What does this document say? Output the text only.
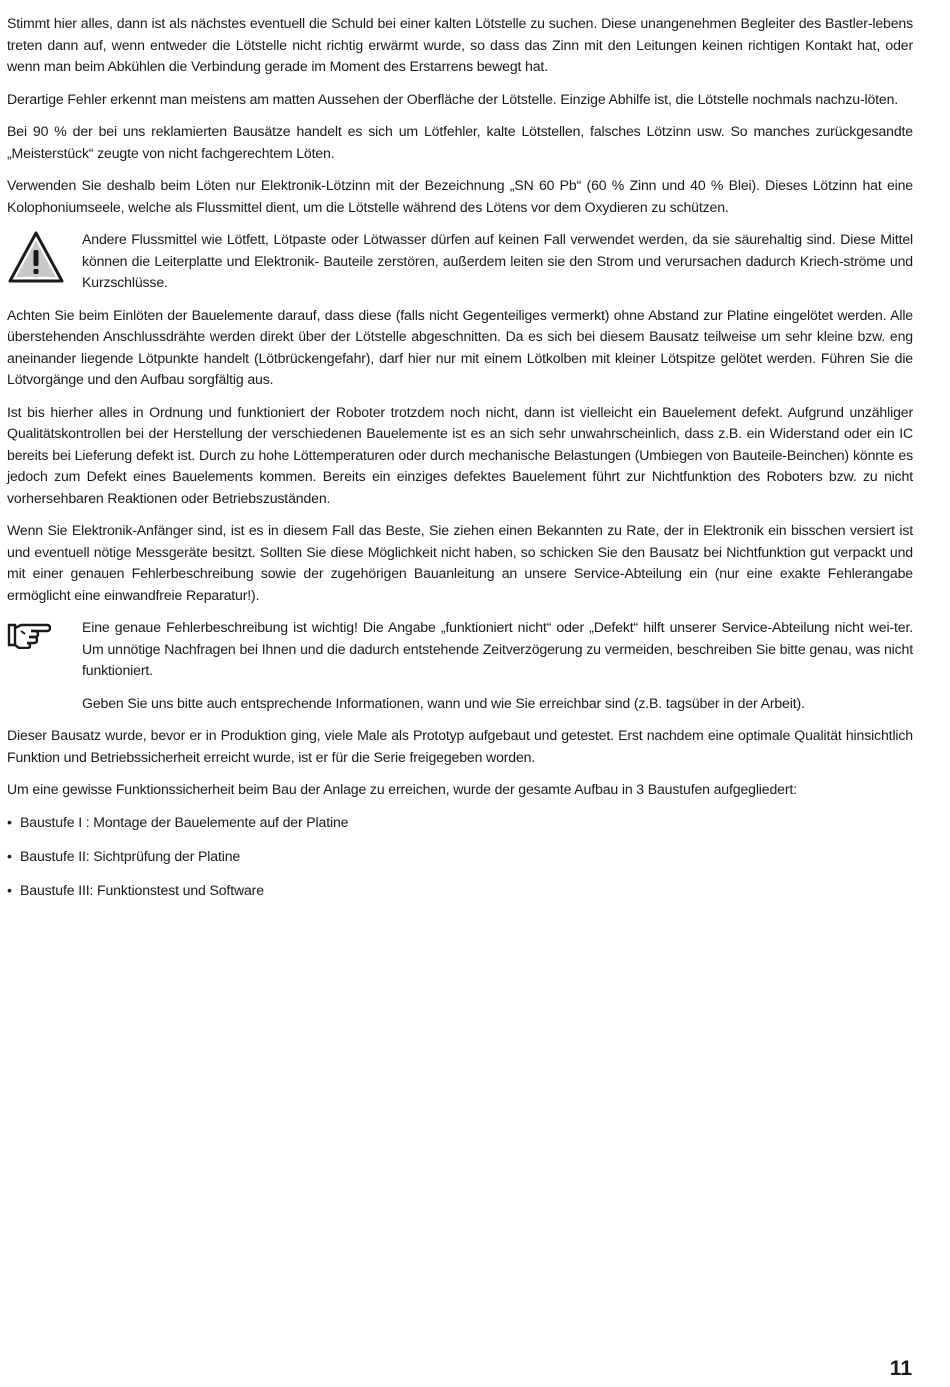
Stimmt hier alles, dann ist als nächstes eventuell die Schuld bei einer kalten Lötstelle zu suchen. Diese unangenehmen Begleiter des Bastler-lebens treten dann auf, wenn entweder die Lötstelle nicht richtig erwärmt wurde, so dass das Zinn mit den Leitungen keinen richtigen Kontakt hat, oder wenn man beim Abkühlen die Verbindung gerade im Moment des Erstarrens bewegt hat.

Derartige Fehler erkennt man meistens am matten Aussehen der Oberfläche der Lötstelle. Einzige Abhilfe ist, die Lötstelle nochmals nachzu-löten.

Bei 90 % der bei uns reklamierten Bausätze handelt es sich um Lötfehler, kalte Lötstellen, falsches Lötzinn usw. So manches zurückgesandte „Meisterstück“ zeugte von nicht fachgerechtem Löten.

Verwenden Sie deshalb beim Löten nur Elektronik-Lötzinn mit der Bezeichnung „SN 60 Pb“ (60 % Zinn und 40 % Blei). Dieses Lötzinn hat eine Kolophoniumseele, welche als Flussmittel dient, um die Lötstelle während des Lötens vor dem Oxydieren zu schützen.

Andere Flussmittel wie Lötfett, Lötpaste oder Lötwasser dürfen auf keinen Fall verwendet werden, da sie säurehaltig sind. Diese Mittel können die Leiterplatte und Elektronik- Bauteile zerstören, außerdem leiten sie den Strom und verursachen dadurch Kriech-ströme und Kurzschlüsse.

Achten Sie beim Einlöten der Bauelemente darauf, dass diese (falls nicht Gegenteiliges vermerkt) ohne Abstand zur Platine eingelötet werden. Alle überstehenden Anschlussdrähte werden direkt über der Lötstelle abgeschnitten. Da es sich bei diesem Bausatz teilweise um sehr kleine bzw. eng aneinander liegende Lötpunkte handelt (Lötbrückengefahr), darf hier nur mit einem Lötkolben mit kleiner Lötspitze gelötet werden. Führen Sie die Lötvorgänge und den Aufbau sorgfältig aus.

Ist bis hierher alles in Ordnung und funktioniert der Roboter trotzdem noch nicht, dann ist vielleicht ein Bauelement defekt. Aufgrund unzähliger Qualitätskontrollen bei der Herstellung der verschiedenen Bauelemente ist es an sich sehr unwahrscheinlich, dass z.B. ein Widerstand oder ein IC bereits bei Lieferung defekt ist. Durch zu hohe Löttemperaturen oder durch mechanische Belastungen (Umbiegen von Bauteile-Beinchen) könnte es jedoch zum Defekt eines Bauelements kommen. Bereits ein einziges defektes Bauelement führt zur Nichtfunktion des Roboters bzw. zu nicht vorhersehbaren Reaktionen oder Betriebszuständen.

Wenn Sie Elektronik-Anfänger sind, ist es in diesem Fall das Beste, Sie ziehen einen Bekannten zu Rate, der in Elektronik ein bisschen versiert ist und eventuell nötige Messgeräte besitzt. Sollten Sie diese Möglichkeit nicht haben, so schicken Sie den Bausatz bei Nichtfunktion gut verpackt und mit einer genauen Fehlerbeschreibung sowie der zugehörigen Bauanleitung an unsere Service-Abteilung ein (nur eine exakte Fehlerangabe ermöglicht eine einwandfreie Reparatur!).

Eine genaue Fehlerbeschreibung ist wichtig! Die Angabe „funktioniert nicht“ oder „Defekt“ hilft unserer Service-Abteilung nicht wei-ter. Um unnötige Nachfragen bei Ihnen und die dadurch entstehende Zeitverzögerung zu vermeiden, beschreiben Sie bitte genau, was nicht funktioniert.

Geben Sie uns bitte auch entsprechende Informationen, wann und wie Sie erreichbar sind (z.B. tagsüber in der Arbeit).

Dieser Bausatz wurde, bevor er in Produktion ging, viele Male als Prototyp aufgebaut und getestet. Erst nachdem eine optimale Qualität hinsichtlich Funktion und Betriebssicherheit erreicht wurde, ist er für die Serie freigegeben worden.

Um eine gewisse Funktionssicherheit beim Bau der Anlage zu erreichen, wurde der gesamte Aufbau in 3 Baustufen aufgegliedert:

• Baustufe I : Montage der Bauelemente auf der Platine
• Baustufe II: Sichtprüfung der Platine
• Baustufe III: Funktionstest und Software
11
